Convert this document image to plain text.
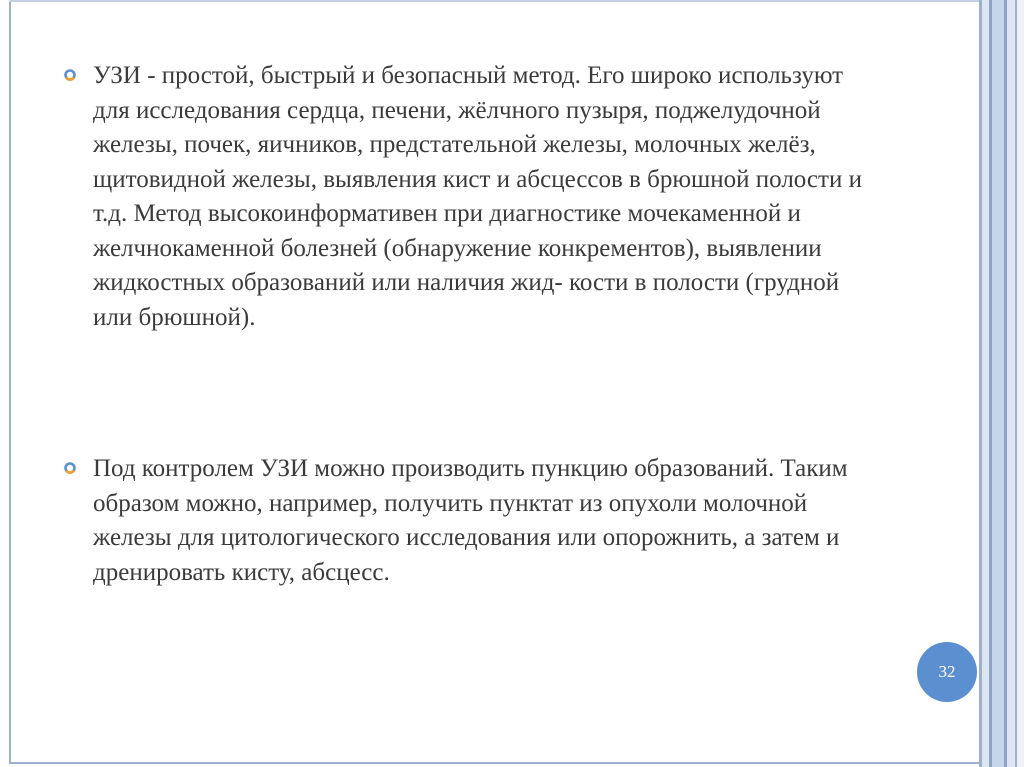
УЗИ - простой, быстрый и безопасный метод. Его широко используют для исследования сердца, печени, жёлчного пузыря, поджелудочной железы, почек, яичников, предстательной железы, молочных желёз, щитовидной железы, выявления кист и абсцессов в брюшной полости и т.д. Метод высокоинформативен при диагностике мочекаменной и желчнокаменной болезней (обнаружение конкрементов), выявлении жидкостных образований или наличия жид- кости в полости (грудной или брюшной).

Под контролем УЗИ можно производить пункцию образований. Таким образом можно, например, получить пунктат из опухоли молочной железы для цитологического исследования или опорожнить, а затем и дренировать кисту, абсцесс.

32
